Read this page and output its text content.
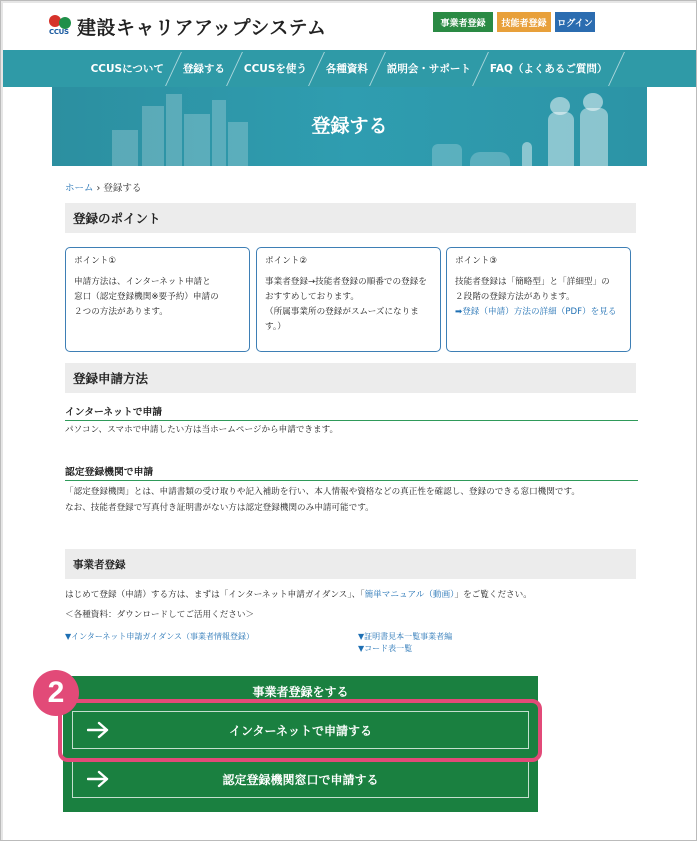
CCUS 建設キャリアアップシステム	事業者登録	技能者登録	ログイン
CCUSについて	登録する	CCUSを使う	各種資料	説明会・サポート	FAQ（よくあるご質問）
登録する
ホーム › 登録する
登録のポイント
ポイント①
申請方法は、インターネット申請と
窓口（認定登録機関※要予約）申請の
２つの方法があります。
ポイント②
事業者登録→技能者登録の順番での登録を
おすすめしております。
（所属事業所の登録がスムーズになりま
す。）
ポイント③
技能者登録は「簡略型」と「詳細型」の
２段階の登録方法があります。
➡登録（申請）方法の詳細（PDF）を見る
登録申請方法
インターネットで申請
パソコン、スマホで申請したい方は当ホームページから申請できます。
認定登録機関で申請
「認定登録機関」とは、申請書類の受け取りや記入補助を行い、本人情報や資格などの真正性を確認し、登録のできる窓口機関です。
なお、技能者登録で写真付き証明書がない方は認定登録機関のみ申請可能です。
事業者登録
はじめて登録（申請）する方は、まずは「インターネット申請ガイダンス」、「簡単マニュアル（動画）」をご覧ください。
＜各種資料：ダウンロードしてご活用ください＞
▼インターネット申請ガイダンス（事業者情報登録）	▼証明書見本一覧事業者編
▼コード表一覧
事業者登録をする
インターネットで申請する
認定登録機関窓口で申請する
2
